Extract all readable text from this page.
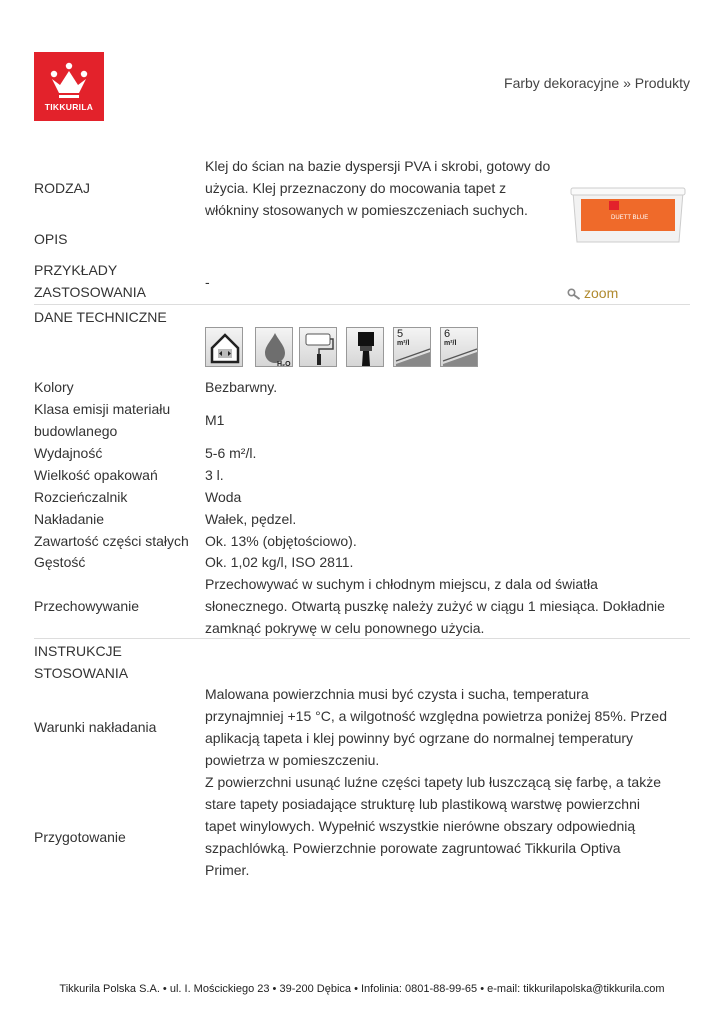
TIKKURILA
Farby dekoracyjne » Produkty
RODZAJ
Klej do ścian na bazie dyspersji PVA i skrobi, gotowy do
użycia. Klej przeznaczony do mocowania tapet z
włókniny stosowanych w pomieszczeniach suchych.
OPIS
DUETT BLUE
PRZYKŁADY
ZASTOSOWANIA
-
zoom
DANE TECHNICZNE
H₂O
5
m²/l
6
m²/l
Kolory	Bezbarwny.
Klasa emisji materiału
budowlanego
M1
Wydajność	5-6 m²/l.
Wielkość opakowań	3 l.
Rozcieńczalnik	Woda
Nakładanie	Wałek, pędzel.
Zawartość części stałych Ok. 13% (objętościowo).
Gęstość	Ok. 1,02 kg/l, ISO 2811.
Przechowywanie
Przechowywać w suchym i chłodnym miejscu, z dala od światła
słonecznego. Otwartą puszkę należy zużyć w ciągu 1 miesiąca. Dokładnie
zamknąć pokrywę w celu ponownego użycia.
INSTRUKCJE
STOSOWANIA
Warunki nakładania
Malowana powierzchnia musi być czysta i sucha, temperatura
przynajmniej +15 °C, a wilgotność względna powietrza poniżej 85%. Przed
aplikacją tapeta i klej powinny być ogrzane do normalnej temperatury
powietrza w pomieszczeniu.
Przygotowanie
Z powierzchni usunąć luźne części tapety lub łuszczącą się farbę, a także
stare tapety posiadające strukturę lub plastikową warstwę powierzchni
tapet winylowych. Wypełnić wszystkie nierówne obszary odpowiednią
szpachlówką. Powierzchnie porowate zagruntować Tikkurila Optiva
Primer.
Tikkurila Polska S.A. • ul. I. Mościckiego 23 • 39-200 Dębica • Infolinia: 0801-88-99-65 • e-mail: tikkurilapolska@tikkurila.com
